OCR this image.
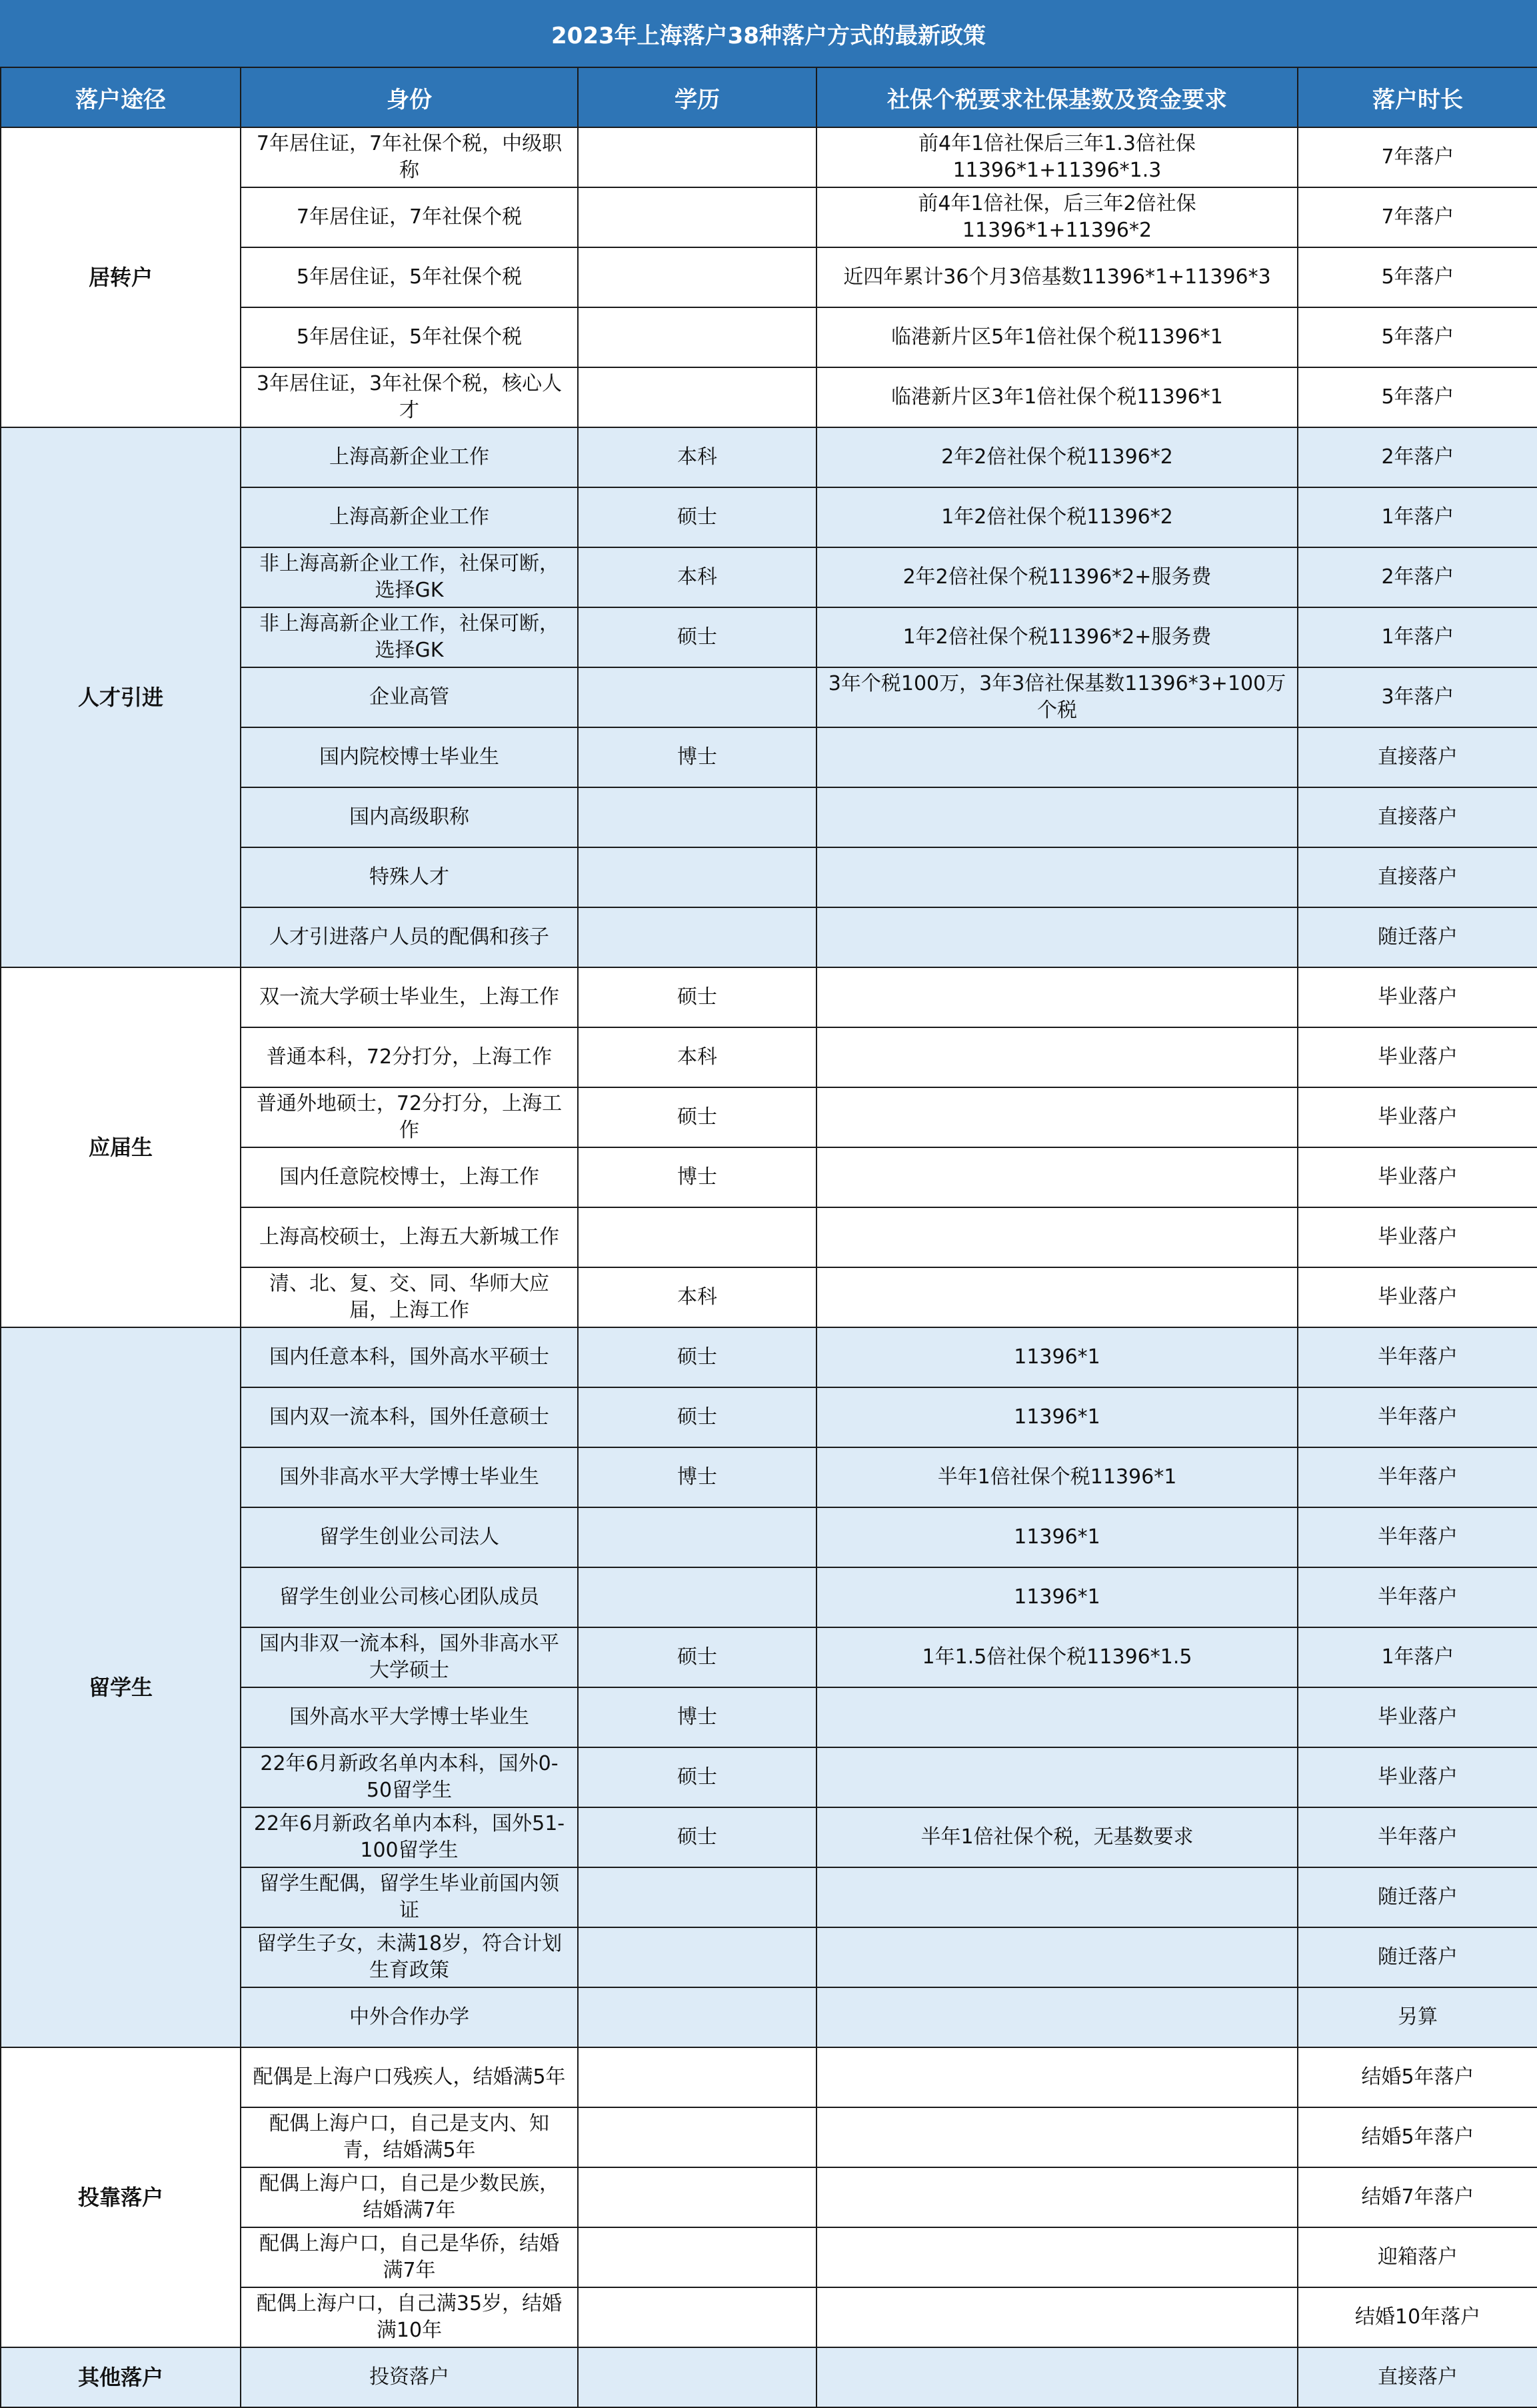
2023年上海落户38种落户方式的最新政策
落户途径	身份	学历	社保个税要求社保基数及资金要求	落户时长
居转户	7年居住证，7年社保个税，中级职称		前4年1倍社保后三年1.3倍社保11396*1+11396*1.3	7年落户
	7年居住证，7年社保个税		前4年1倍社保，后三年2倍社保11396*1+11396*2	7年落户
	5年居住证，5年社保个税		近四年累计36个月3倍基数11396*1+11396*3	5年落户
	5年居住证，5年社保个税		临港新片区5年1倍社保个税11396*1	5年落户
	3年居住证，3年社保个税，核心人才		临港新片区3年1倍社保个税11396*1	5年落户
人才引进	上海高新企业工作	本科	2年2倍社保个税11396*2	2年落户
	上海高新企业工作	硕士	1年2倍社保个税11396*2	1年落户
	非上海高新企业工作，社保可断，选择GK	本科	2年2倍社保个税11396*2+服务费	2年落户
	非上海高新企业工作，社保可断，选择GK	硕士	1年2倍社保个税11396*2+服务费	1年落户
	企业高管		3年个税100万，3年3倍社保基数11396*3+100万个税	3年落户
	国内院校博士毕业生	博士		直接落户
	国内高级职称			直接落户
	特殊人才			直接落户
	人才引进落户人员的配偶和孩子			随迁落户
应届生	双一流大学硕士毕业生，上海工作	硕士		毕业落户
	普通本科，72分打分，上海工作	本科		毕业落户
	普通外地硕士，72分打分，上海工作	硕士		毕业落户
	国内任意院校博士，上海工作	博士		毕业落户
	上海高校硕士，上海五大新城工作			毕业落户
	清、北、复、交、同、华师大应届，上海工作	本科		毕业落户
留学生	国内任意本科，国外高水平硕士	硕士	11396*1	半年落户
	国内双一流本科，国外任意硕士	硕士	11396*1	半年落户
	国外非高水平大学博士毕业生	博士	半年1倍社保个税11396*1	半年落户
	留学生创业公司法人		11396*1	半年落户
	留学生创业公司核心团队成员		11396*1	半年落户
	国内非双一流本科，国外非高水平大学硕士	硕士	1年1.5倍社保个税11396*1.5	1年落户
	国外高水平大学博士毕业生	博士		毕业落户
	22年6月新政名单内本科，国外0-50留学生	硕士		毕业落户
	22年6月新政名单内本科，国外51-100留学生	硕士	半年1倍社保个税，无基数要求	半年落户
	留学生配偶，留学生毕业前国内领证			随迁落户
	留学生子女，未满18岁，符合计划生育政策			随迁落户
	中外合作办学			另算
投靠落户	配偶是上海户口残疾人，结婚满5年			结婚5年落户
	配偶上海户口，自己是支内、知青，结婚满5年			结婚5年落户
	配偶上海户口，自己是少数民族，结婚满7年			结婚7年落户
	配偶上海户口，自己是华侨，结婚满7年			迎箱落户
	配偶上海户口，自己满35岁，结婚满10年			结婚10年落户
其他落户	投资落户			直接落户
